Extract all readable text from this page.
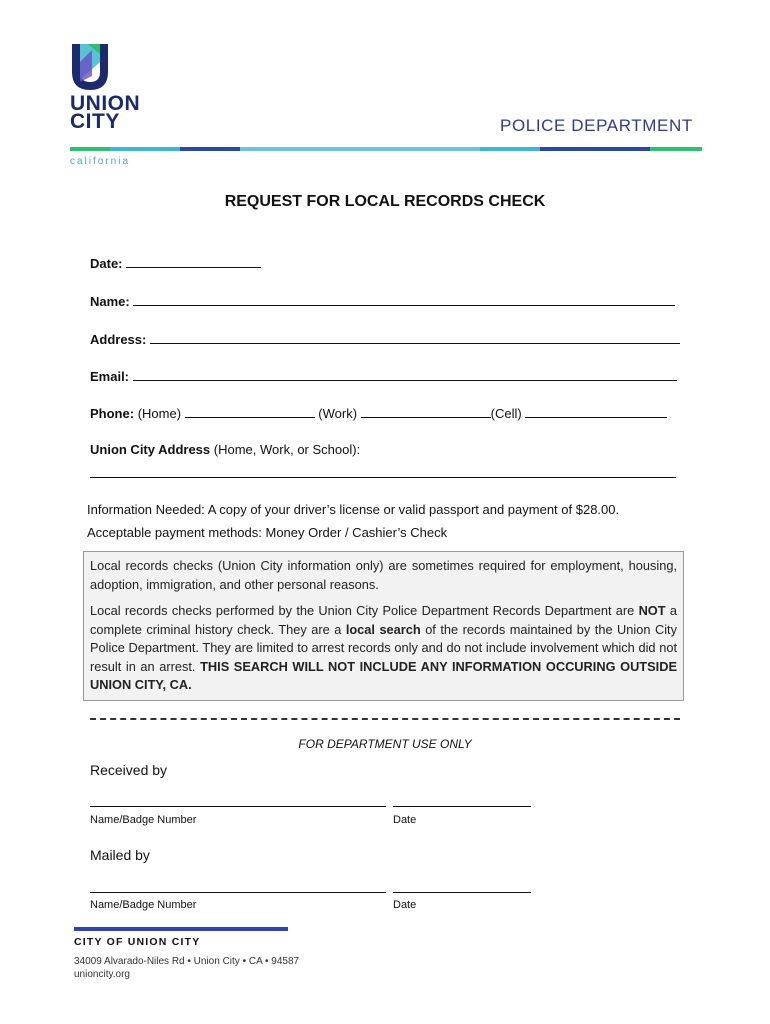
UNION
CITY	POLICE DEPARTMENT
california
REQUEST FOR LOCAL RECORDS CHECK
Date:
Name:
Address:
Email:
Phone: (Home)	(Work)	(Cell)
Union City Address (Home, Work, or School):
Information Needed: A copy of your driver’s license or valid passport and payment of $28.00.
Acceptable payment methods: Money Order / Cashier’s Check

Local records checks (Union City information only) are sometimes required for employment, housing, adoption, immigration, and other personal reasons.

Local records checks performed by the Union City Police Department Records Department are NOT a complete criminal history check. They are a local search of the records maintained by the Union City Police Department. They are limited to arrest records only and do not include involvement which did not result in an arrest. THIS SEARCH WILL NOT INCLUDE ANY INFORMATION OCCURING OUTSIDE UNION CITY, CA.

FOR DEPARTMENT USE ONLY
Received by
Name/Badge Number	Date
Mailed by
Name/Badge Number	Date
CITY OF UNION CITY
34009 Alvarado-Niles Rd • Union City • CA • 94587
unioncity.org
